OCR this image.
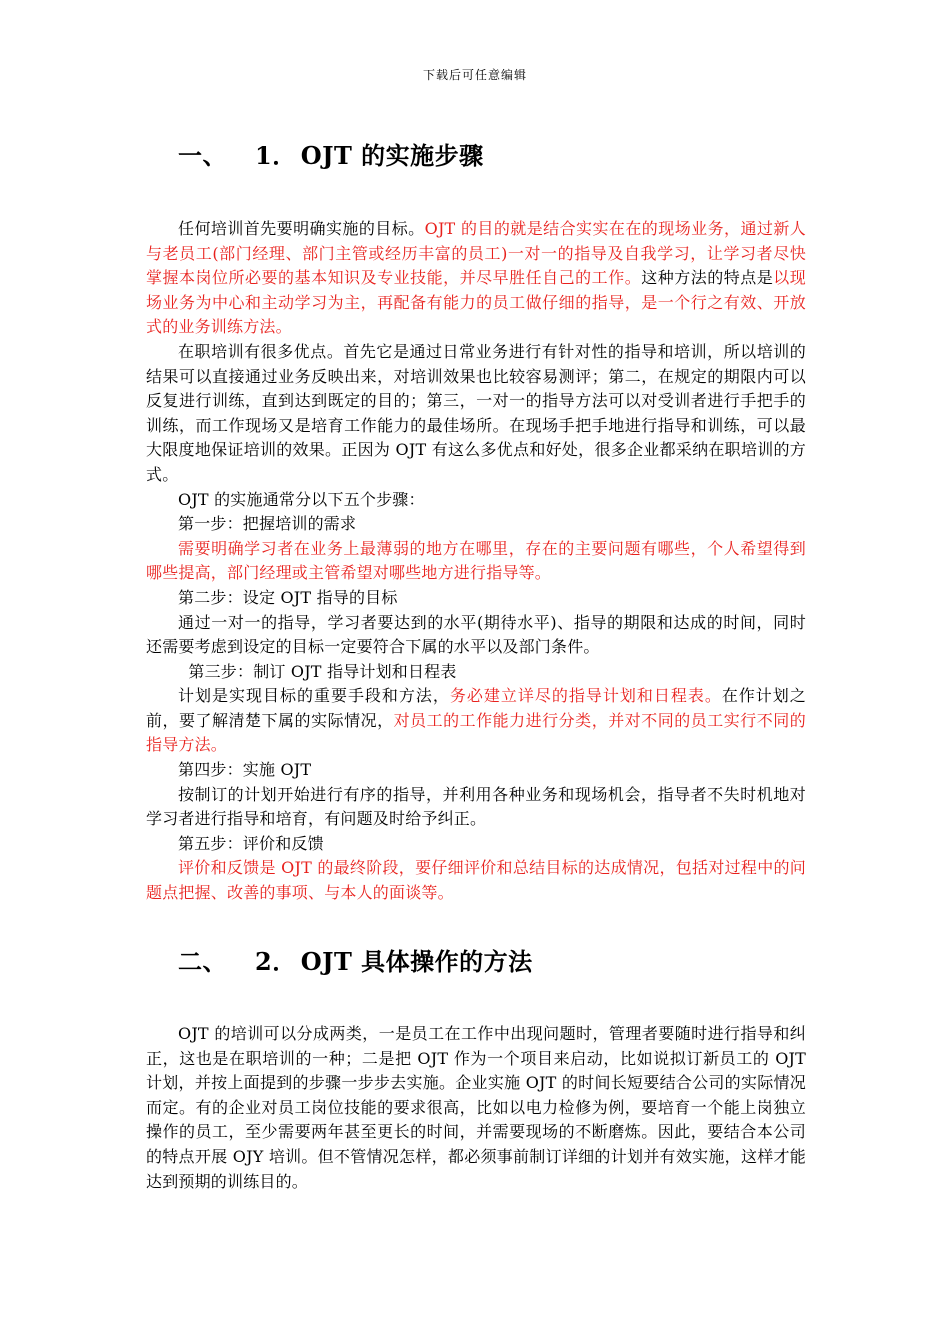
下载后可任意编辑
一、 1． OJT 的实施步骤

任何培训首先要明确实施的目标。OJT 的目的就是结合实实在在的现场业务，通过新人与老员工(部门经理、部门主管或经历丰富的员工)一对一的指导及自我学习，让学习者尽快掌握本岗位所必要的基本知识及专业技能，并尽早胜任自己的工作。这种方法的特点是以现场业务为中心和主动学习为主，再配备有能力的员工做仔细的指导，是一个行之有效、开放式的业务训练方法。

在职培训有很多优点。首先它是通过日常业务进行有针对性的指导和培训，所以培训的结果可以直接通过业务反映出来，对培训效果也比较容易测评；第二，在规定的期限内可以反复进行训练，直到达到既定的目的；第三，一对一的指导方法可以对受训者进行手把手的训练，而工作现场又是培育工作能力的最佳场所。在现场手把手地进行指导和训练，可以最大限度地保证培训的效果。正因为 OJT 有这么多优点和好处，很多企业都采纳在职培训的方式。

OJT 的实施通常分以下五个步骤：

第一步：把握培训的需求

需要明确学习者在业务上最薄弱的地方在哪里，存在的主要问题有哪些，个人希望得到哪些提高，部门经理或主管希望对哪些地方进行指导等。

第二步：设定 OJT 指导的目标

通过一对一的指导，学习者要达到的水平(期待水平)、指导的期限和达成的时间，同时还需要考虑到设定的目标一定要符合下属的水平以及部门条件。

第三步：制订 OJT 指导计划和日程表

计划是实现目标的重要手段和方法，务必建立详尽的指导计划和日程表。在作计划之前，要了解清楚下属的实际情况，对员工的工作能力进行分类，并对不同的员工实行不同的指导方法。

第四步：实施 OJT

按制订的计划开始进行有序的指导，并利用各种业务和现场机会，指导者不失时机地对学习者进行指导和培育，有问题及时给予纠正。

第五步：评价和反馈

评价和反馈是 OJT 的最终阶段，要仔细评价和总结目标的达成情况，包括对过程中的问题点把握、改善的事项、与本人的面谈等。

二、 2． OJT 具体操作的方法

OJT 的培训可以分成两类，一是员工在工作中出现问题时，管理者要随时进行指导和纠正，这也是在职培训的一种；二是把 OJT 作为一个项目来启动，比如说拟订新员工的 OJT 计划，并按上面提到的步骤一步步去实施。企业实施 OJT 的时间长短要结合公司的实际情况而定。有的企业对员工岗位技能的要求很高，比如以电力检修为例，要培育一个能上岗独立操作的员工，至少需要两年甚至更长的时间，并需要现场的不断磨炼。因此，要结合本公司的特点开展 OJY 培训。但不管情况怎样，都必须事前制订详细的计划并有效实施，这样才能达到预期的训练目的。
